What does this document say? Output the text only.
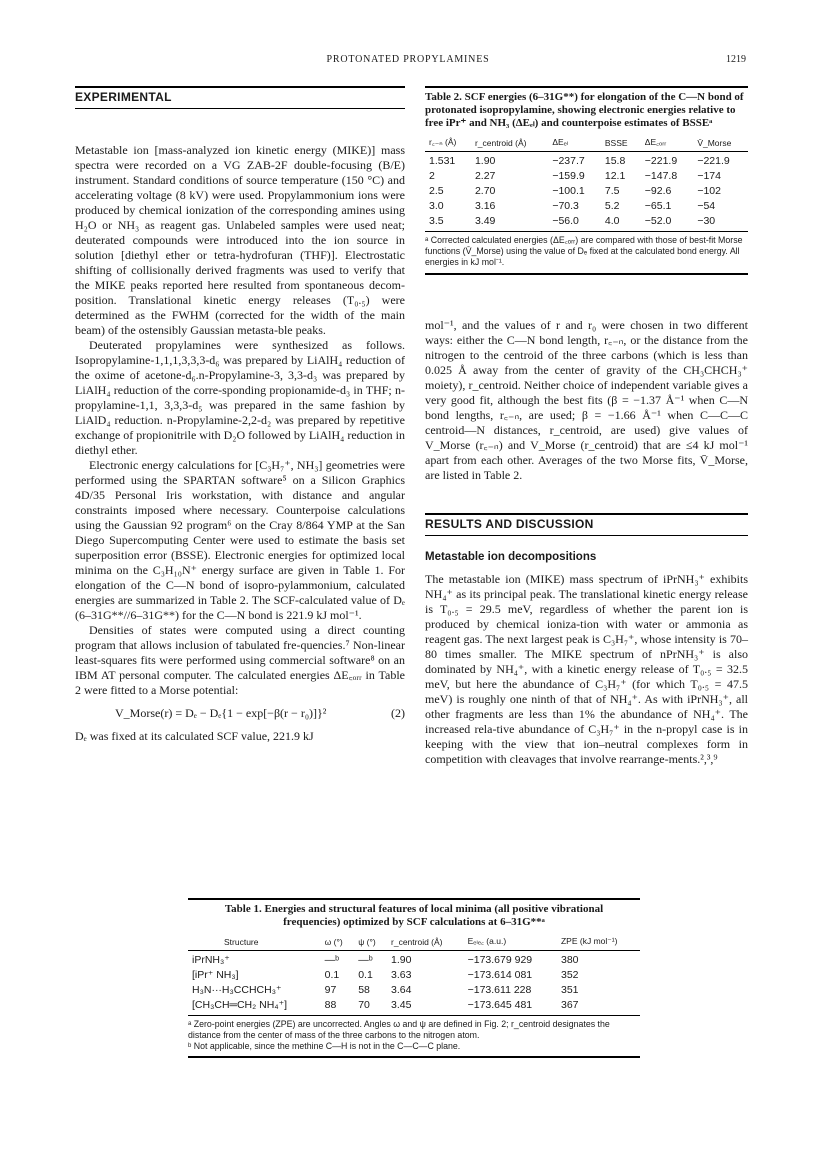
PROTONATED PROPYLAMINES	1219
EXPERIMENTAL

Metastable ion [mass-analyzed ion kinetic energy (MIKE)] mass spectra were recorded on a VG ZAB-2F double-focusing (B/E) instrument. Standard conditions of source temperature (150 °C) and accelerating voltage (8 kV) were used. Propylammonium ions were produced by chemical ionization of the corresponding amines using H₂O or NH₃ as reagent gas. Unlabeled samples were used neat; deuterated compounds were introduced into the ion source in solution [diethyl ether or tetra-hydrofuran (THF)]. Electrostatic shifting of collisionally derived fragments was used to verify that the MIKE peaks reported here resulted from spontaneous decom-position. Translational kinetic energy releases (T₀.₅) were determined as the FWHM (corrected for the width of the main beam) of the ostensibly Gaussian metasta-ble peaks.

Deuterated propylamines were synthesized as follows. Isopropylamine-1,1,1,3,3,3-d₆ was prepared by LiAlH₄ reduction of the oxime of acetone-d₆.n-Propylamine-3, 3,3-d₃ was prepared by LiAlH₄ reduction of the corre-sponding propionamide-d₃ in THF; n-propylamine-1,1, 3,3,3-d₅ was prepared in the same fashion by LiAlD₄ reduction. n-Propylamine-2,2-d₂ was prepared by repetitive exchange of propionitrile with D₂O followed by LiAlH₄ reduction in diethyl ether.

Electronic energy calculations for [C₃H₇⁺, NH₃] geometries were performed using the SPARTAN software⁵ on a Silicon Graphics 4D/35 Personal Iris workstation, with distance and angular constraints imposed where necessary. Counterpoise calculations using the Gaussian 92 program⁶ on the Cray 8/864 YMP at the San Diego Supercomputing Center were used to estimate the basis set superposition error (BSSE). Electronic energies for optimized local minima on the C₃H₁₀N⁺ energy surface are given in Table 1. For elongation of the C—N bond of isopro-pylammonium, calculated energies are summarized in Table 2. The SCF-calculated value of Dₑ (6–31G**//6–31G**) for the C—N bond is 221.9 kJ mol⁻¹.

Densities of states were computed using a direct counting program that allows inclusion of tabulated fre-quencies.⁷ Non-linear least-squares fits were performed using commercial software⁸ on an IBM AT personal computer. The calculated energies ΔE꜀ₒᵣᵣ in Table 2 were fitted to a Morse potential:

V_Morse(r) = Dₑ − Dₑ{1 − exp[−β(r − r₀)]}²	(2)

Dₑ was fixed at its calculated SCF value, 221.9 kJ

Table 2. SCF energies (6–31G**) for elongation of the C—N bond of protonated isopropylamine, showing electronic energies relative to free iPr⁺ and NH₃ (ΔEₑₗ) and counterpoise estimates of BSSEᵃ
r꜀₋ₙ (Å)	r_centroid (Å)	ΔEₑₗ	BSSE	ΔE꜀ₒᵣᵣ	V̄_Morse
1.531	1.90	−237.7	15.8	−221.9	−221.9
2	2.27	−159.9	12.1	−147.8	−174
2.5	2.70	−100.1	7.5	−92.6	−102
3.0	3.16	−70.3	5.2	−65.1	−54
3.5	3.49	−56.0	4.0	−52.0	−30
ᵃ Corrected calculated energies (ΔE꜀ₒᵣᵣ) are compared with those of best-fit Morse functions (V̄_Morse) using the value of Dₑ fixed at the calculated bond energy. All energies in kJ mol⁻¹.

mol⁻¹, and the values of r and r₀ were chosen in two different ways: either the C—N bond length, r꜀₋ₙ, or the distance from the nitrogen to the centroid of the three carbons (which is less than 0.025 Å away from the center of gravity of the CH₃CHCH₃⁺ moiety), r_centroid. Neither choice of independent variable gives a very good fit, although the best fits (β = −1.37 Å⁻¹ when C—N bond lengths, r꜀₋ₙ, are used; β = −1.66 Å⁻¹ when C—C—C centroid—N distances, r_centroid, are used) give values of V_Morse (r꜀₋ₙ) and V_Morse (r_centroid) that are ≤4 kJ mol⁻¹ apart from each other. Averages of the two Morse fits, V̄_Morse, are listed in Table 2.

RESULTS AND DISCUSSION
Metastable ion decompositions

The metastable ion (MIKE) mass spectrum of iPrNH₃⁺ exhibits NH₄⁺ as its principal peak. The translational kinetic energy release is T₀.₅ = 29.5 meV, regardless of whether the parent ion is produced by chemical ioniza-tion with water or ammonia as reagent gas. The next largest peak is C₃H₇⁺, whose intensity is 70–80 times smaller. The MIKE spectrum of nPrNH₃⁺ is also dominated by NH₄⁺, with a kinetic energy release of T₀.₅ = 32.5 meV, but here the abundance of C₃H₇⁺ (for which T₀.₅ = 47.5 meV) is roughly one ninth of that of NH₄⁺. As with iPrNH₃⁺, all other fragments are less than 1% the abundance of NH₄⁺. The increased rela-tive abundance of C₃H₇⁺ in the n-propyl case is in keeping with the view that ion–neutral complexes form in competition with cleavages that involve rearrange-ments.²,³,⁹

Table 1. Energies and structural features of local minima (all positive vibrational frequencies) optimized by SCF calculations at 6–31G**ᵃ
Structure	ω (°)	ψ (°)	r_centroid (Å)	Eₑₗₑ꜀ (a.u.)	ZPE (kJ mol⁻¹)
iPrNH₃⁺	—ᵇ	—ᵇ	1.90	−173.679 929	380
[iPr⁺ NH₃]	0.1	0.1	3.63	−173.614 081	352
H₃N···H₃CCHCH₃⁺	97	58	3.64	−173.611 228	351
[CH₃CH═CH₂ NH₄⁺]	88	70	3.45	−173.645 481	367
ᵃ Zero-point energies (ZPE) are uncorrected. Angles ω and ψ are defined in Fig. 2; r_centroid designates the distance from the center of mass of the three carbons to the nitrogen atom.
ᵇ Not applicable, since the methine C—H is not in the C—C—C plane.
